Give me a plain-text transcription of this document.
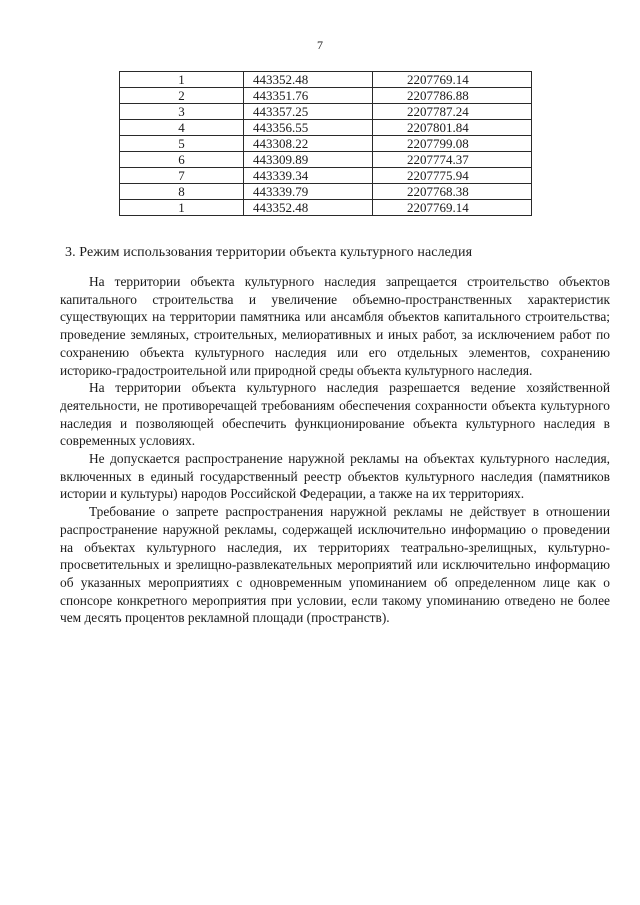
7
1	443352.48	2207769.14
2	443351.76	2207786.88
3	443357.25	2207787.24
4	443356.55	2207801.84
5	443308.22	2207799.08
6	443309.89	2207774.37
7	443339.34	2207775.94
8	443339.79	2207768.38
1	443352.48	2207769.14
3. Режим использования территории объекта культурного наследия

На территории объекта культурного наследия запрещается строительство объектов капитального строительства и увеличение объемно-пространственных характеристик существующих на территории памятника или ансамбля объектов капитального строительства; проведение земляных, строительных, мелиоративных и иных работ, за исключением работ по сохранению объекта культурного наследия или его отдельных элементов, сохранению историко-градостроительной или природной среды объекта культурного наследия.

На территории объекта культурного наследия разрешается ведение хозяйственной деятельности, не противоречащей требованиям обеспечения сохранности объекта культурного наследия и позволяющей обеспечить функционирование объекта культурного наследия в современных условиях.

Не допускается распространение наружной рекламы на объектах культурного наследия, включенных в единый государственный реестр объектов культурного наследия (памятников истории и культуры) народов Российской Федерации, а также на их территориях.

Требование о запрете распространения наружной рекламы не действует в отношении распространение наружной рекламы, содержащей исключительно информацию о проведении на объектах культурного наследия, их территориях театрально-зрелищных, культурно-просветительных и зрелищно-развлекательных мероприятий или исключительно информацию об указанных мероприятиях с одновременным упоминанием об определенном лице как о спонсоре конкретного мероприятия при условии, если такому упоминанию отведено не более чем десять процентов рекламной площади (пространств).
